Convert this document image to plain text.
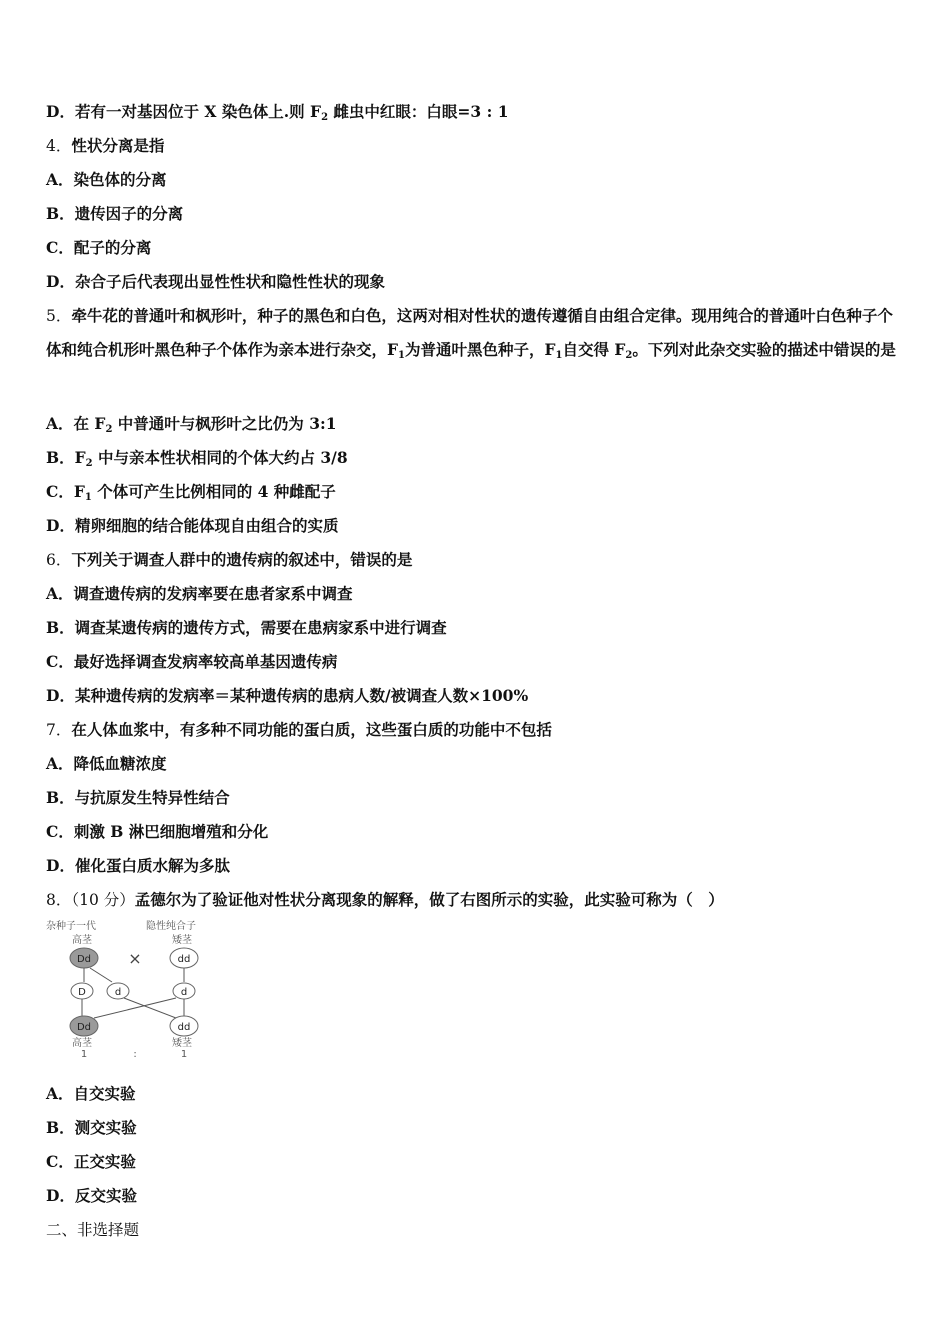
D．若有一对基因位于 X 染色体上.则 $F_2$ 雌虫中红眼：白眼=3 : 1
4．性状分离是指
A．染色体的分离
B．遗传因子的分离
C．配子的分离
D．杂合子后代表现出显性性状和隐性性状的现象
5．牵牛花的普通叶和枫形叶，种子的黑色和白色，这两对相对性状的遗传遵循自由组合定律。现用纯合的普通叶白色种子个体和纯合机形叶黑色种子个体作为亲本进行杂交，$F_1$为普通叶黑色种子，$F_1$自交得 $F_2$。下列对此杂交实验的描述中错误的是
A．在 $F_2$ 中普通叶与枫形叶之比仍为 3:1
B．$F_2$ 中与亲本性状相同的个体大约占 3/8
C．$F_1$ 个体可产生比例相同的 4 种雌配子
D．精卵细胞的结合能体现自由组合的实质
6．下列关于调查人群中的遗传病的叙述中，错误的是
A．调查遗传病的发病率要在患者家系中调查
B．调查某遗传病的遗传方式，需要在患病家系中进行调查
C．最好选择调查发病率较高单基因遗传病
D．某种遗传病的发病率＝某种遗传病的患病人数/被调查人数×100%
7．在人体血浆中，有多种不同功能的蛋白质，这些蛋白质的功能中不包括
A．降低血糖浓度
B．与抗原发生特异性结合
C．刺激 B 淋巴细胞增殖和分化
D．催化蛋白质水解为多肽
8．（10 分）孟德尔为了验证他对性状分离现象的解释，做了右图所示的实验，此实验可称为（　）
杂种子一代	隐性纯合子
高茎	矮茎
Dd ×	dd
D	d	d
Dd	dd
高茎	矮茎
1	:	1
A．自交实验
B．测交实验
C．正交实验
D．反交实验
二、非选择题
